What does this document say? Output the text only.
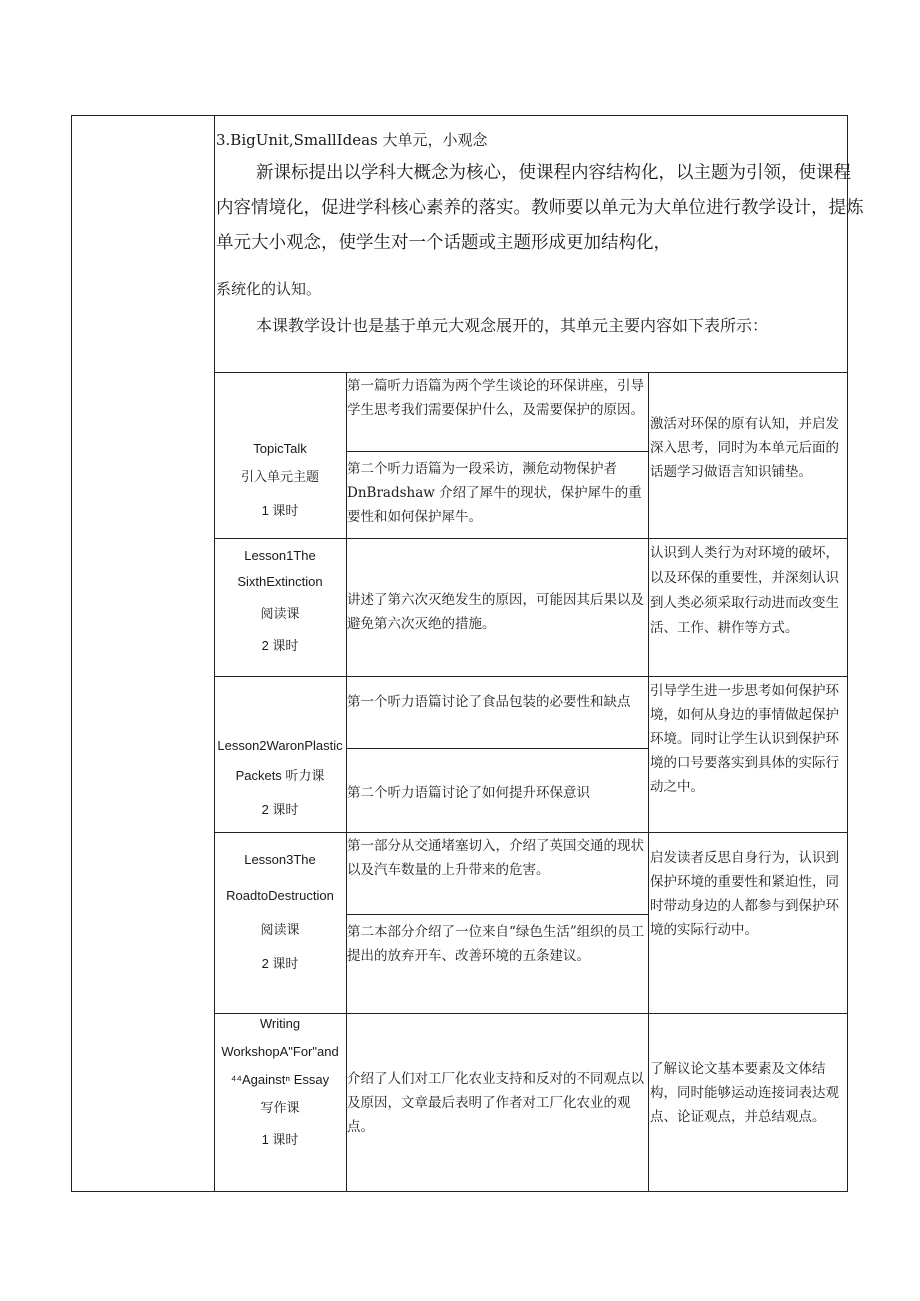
3.BigUnit,SmallIdeas 大单元，小观念
新课标提出以学科大概念为核心，使课程内容结构化，以主题为引领，使课程
内容情境化，促进学科核心素养的落实。教师要以单元为大单位进行教学设计，提炼
单元大小观念，使学生对一个话题或主题形成更加结构化，
系统化的认知。
本课教学设计也是基于单元大观念展开的，其单元主要内容如下表所示：
TopicTalk
引入单元主题
1 课时
第一篇听力语篇为两个学生谈论的环保讲座，引导学生思考我们需要保护什么，及需要保护的原因。
第二个听力语篇为一段采访，濒危动物保护者DnBradshaw 介绍了犀牛的现状，保护犀牛的重要性和如何保护犀牛。
激活对环保的原有认知，并启发深入思考，同时为本单元后面的话题学习做语言知识铺垫。
Lesson1The
SixthExtinction
阅读课
2 课时
讲述了第六次灭绝发生的原因，可能因其后果以及避免第六次灭绝的措施。
认识到人类行为对环境的破坏，以及环保的重要性，并深刻认识到人类必须采取行动进而改变生活、工作、耕作等方式。
Lesson2WaronPlastic
Packets 听力课
2 课时
第一个听力语篇讨论了食品包装的必要性和缺点
第二个听力语篇讨论了如何提升环保意识
引导学生进一步思考如何保护环境，如何从身边的事情做起保护环境。同时让学生认识到保护环境的口号要落实到具体的实际行动之中。
Lesson3The
RoadtoDestruction
阅读课
2 课时
第一部分从交通堵塞切入，介绍了英国交通的现状以及汽车数量的上升带来的危害。
第二本部分介绍了一位来自“绿色生活”组织的员工提出的放弃开车、改善环境的五条建议。
启发读者反思自身行为，认识到保护环境的重要性和紧迫性，同时带动身边的人都参与到保护环境的实际行动中。
Writing
WorkshopA"For"and
⁴⁴Againstⁿ Essay
写作课
1 课时
介绍了人们对工厂化农业支持和反对的不同观点以及原因，文章最后表明了作者对工厂化农业的观点。
了解议论文基本要素及文体结构，同时能够运动连接词表达观点、论证观点，并总结观点。
